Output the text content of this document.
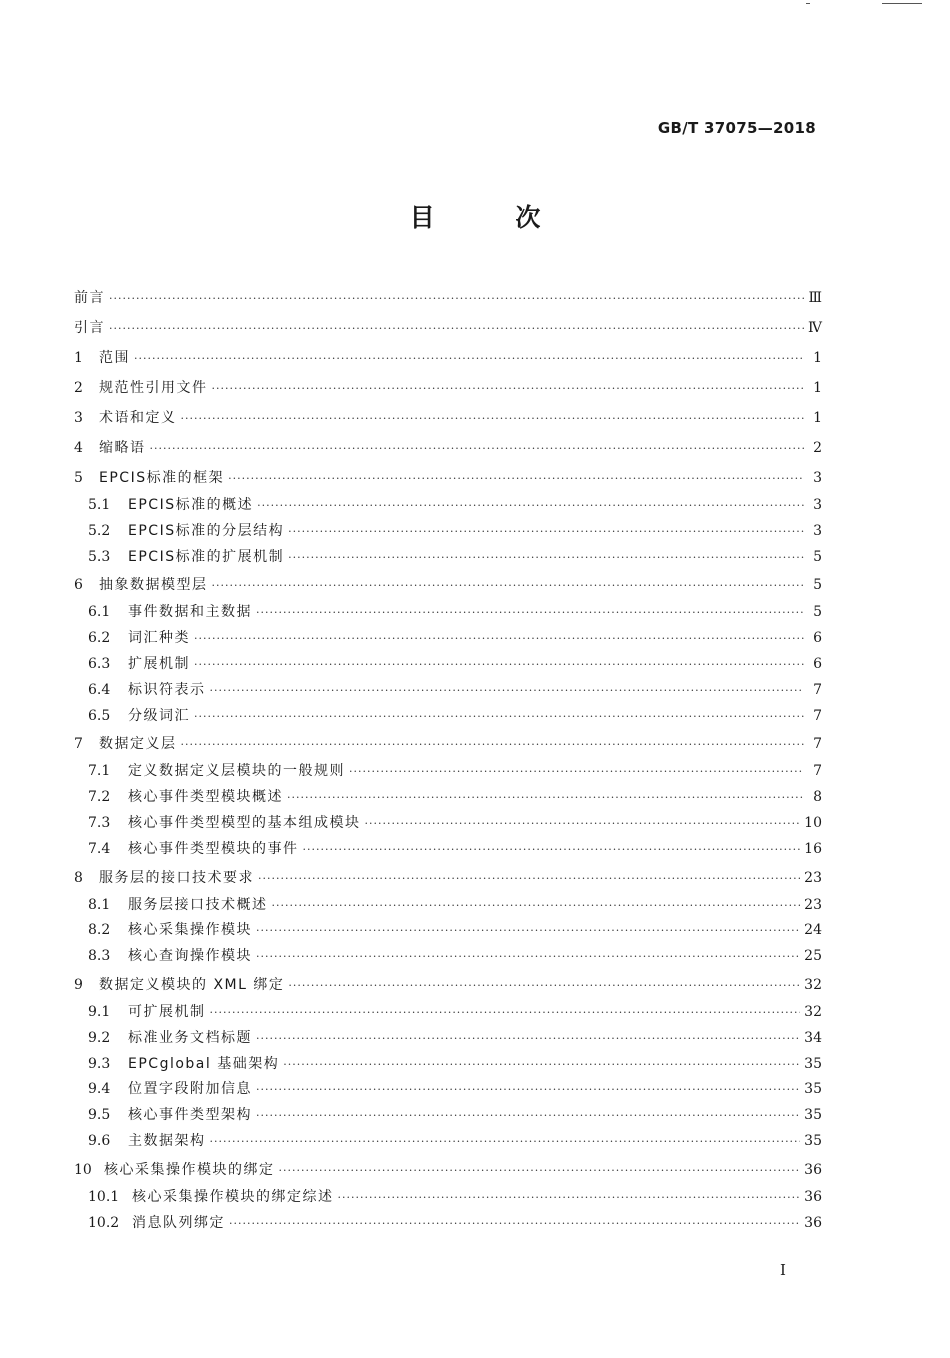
GB/T 37075—2018
目 次
前言 ·····	Ⅲ
引言 ·····	Ⅳ
1	范围 ·····	1
2	规范性引用文件 ·····	1
3	术语和定义 ·····	1
4	缩略语 ·····	2
5	EPCIS标准的框架 ·····	3
5.1	EPCIS标准的概述 ·····	3
5.2	EPCIS标准的分层结构 ·····	3
5.3	EPCIS标准的扩展机制 ·····	5
6	抽象数据模型层 ·····	5
6.1	事件数据和主数据 ·····	5
6.2	词汇种类 ·····	6
6.3	扩展机制 ·····	6
6.4	标识符表示 ·····	7
6.5	分级词汇 ·····	7
7	数据定义层 ·····	7
7.1	定义数据定义层模块的一般规则 ·····	7
7.2	核心事件类型模块概述 ·····	8
7.3	核心事件类型模型的基本组成模块 ·····	10
7.4	核心事件类型模块的事件 ·····	16
8	服务层的接口技术要求 ·····	23
8.1	服务层接口技术概述 ·····	23
8.2	核心采集操作模块 ·····	24
8.3	核心查询操作模块 ·····	25
9	数据定义模块的 XML 绑定 ·····	32
9.1	可扩展机制 ·····	32
9.2	标准业务文档标题 ·····	34
9.3	EPCglobal 基础架构 ·····	35
9.4	位置字段附加信息 ·····	35
9.5	核心事件类型架构 ·····	35
9.6	主数据架构 ·····	35
10 核心采集操作模块的绑定 ·····	36
10.1 核心采集操作模块的绑定综述 ·····	36
10.2 消息队列绑定 ·····	36
I
